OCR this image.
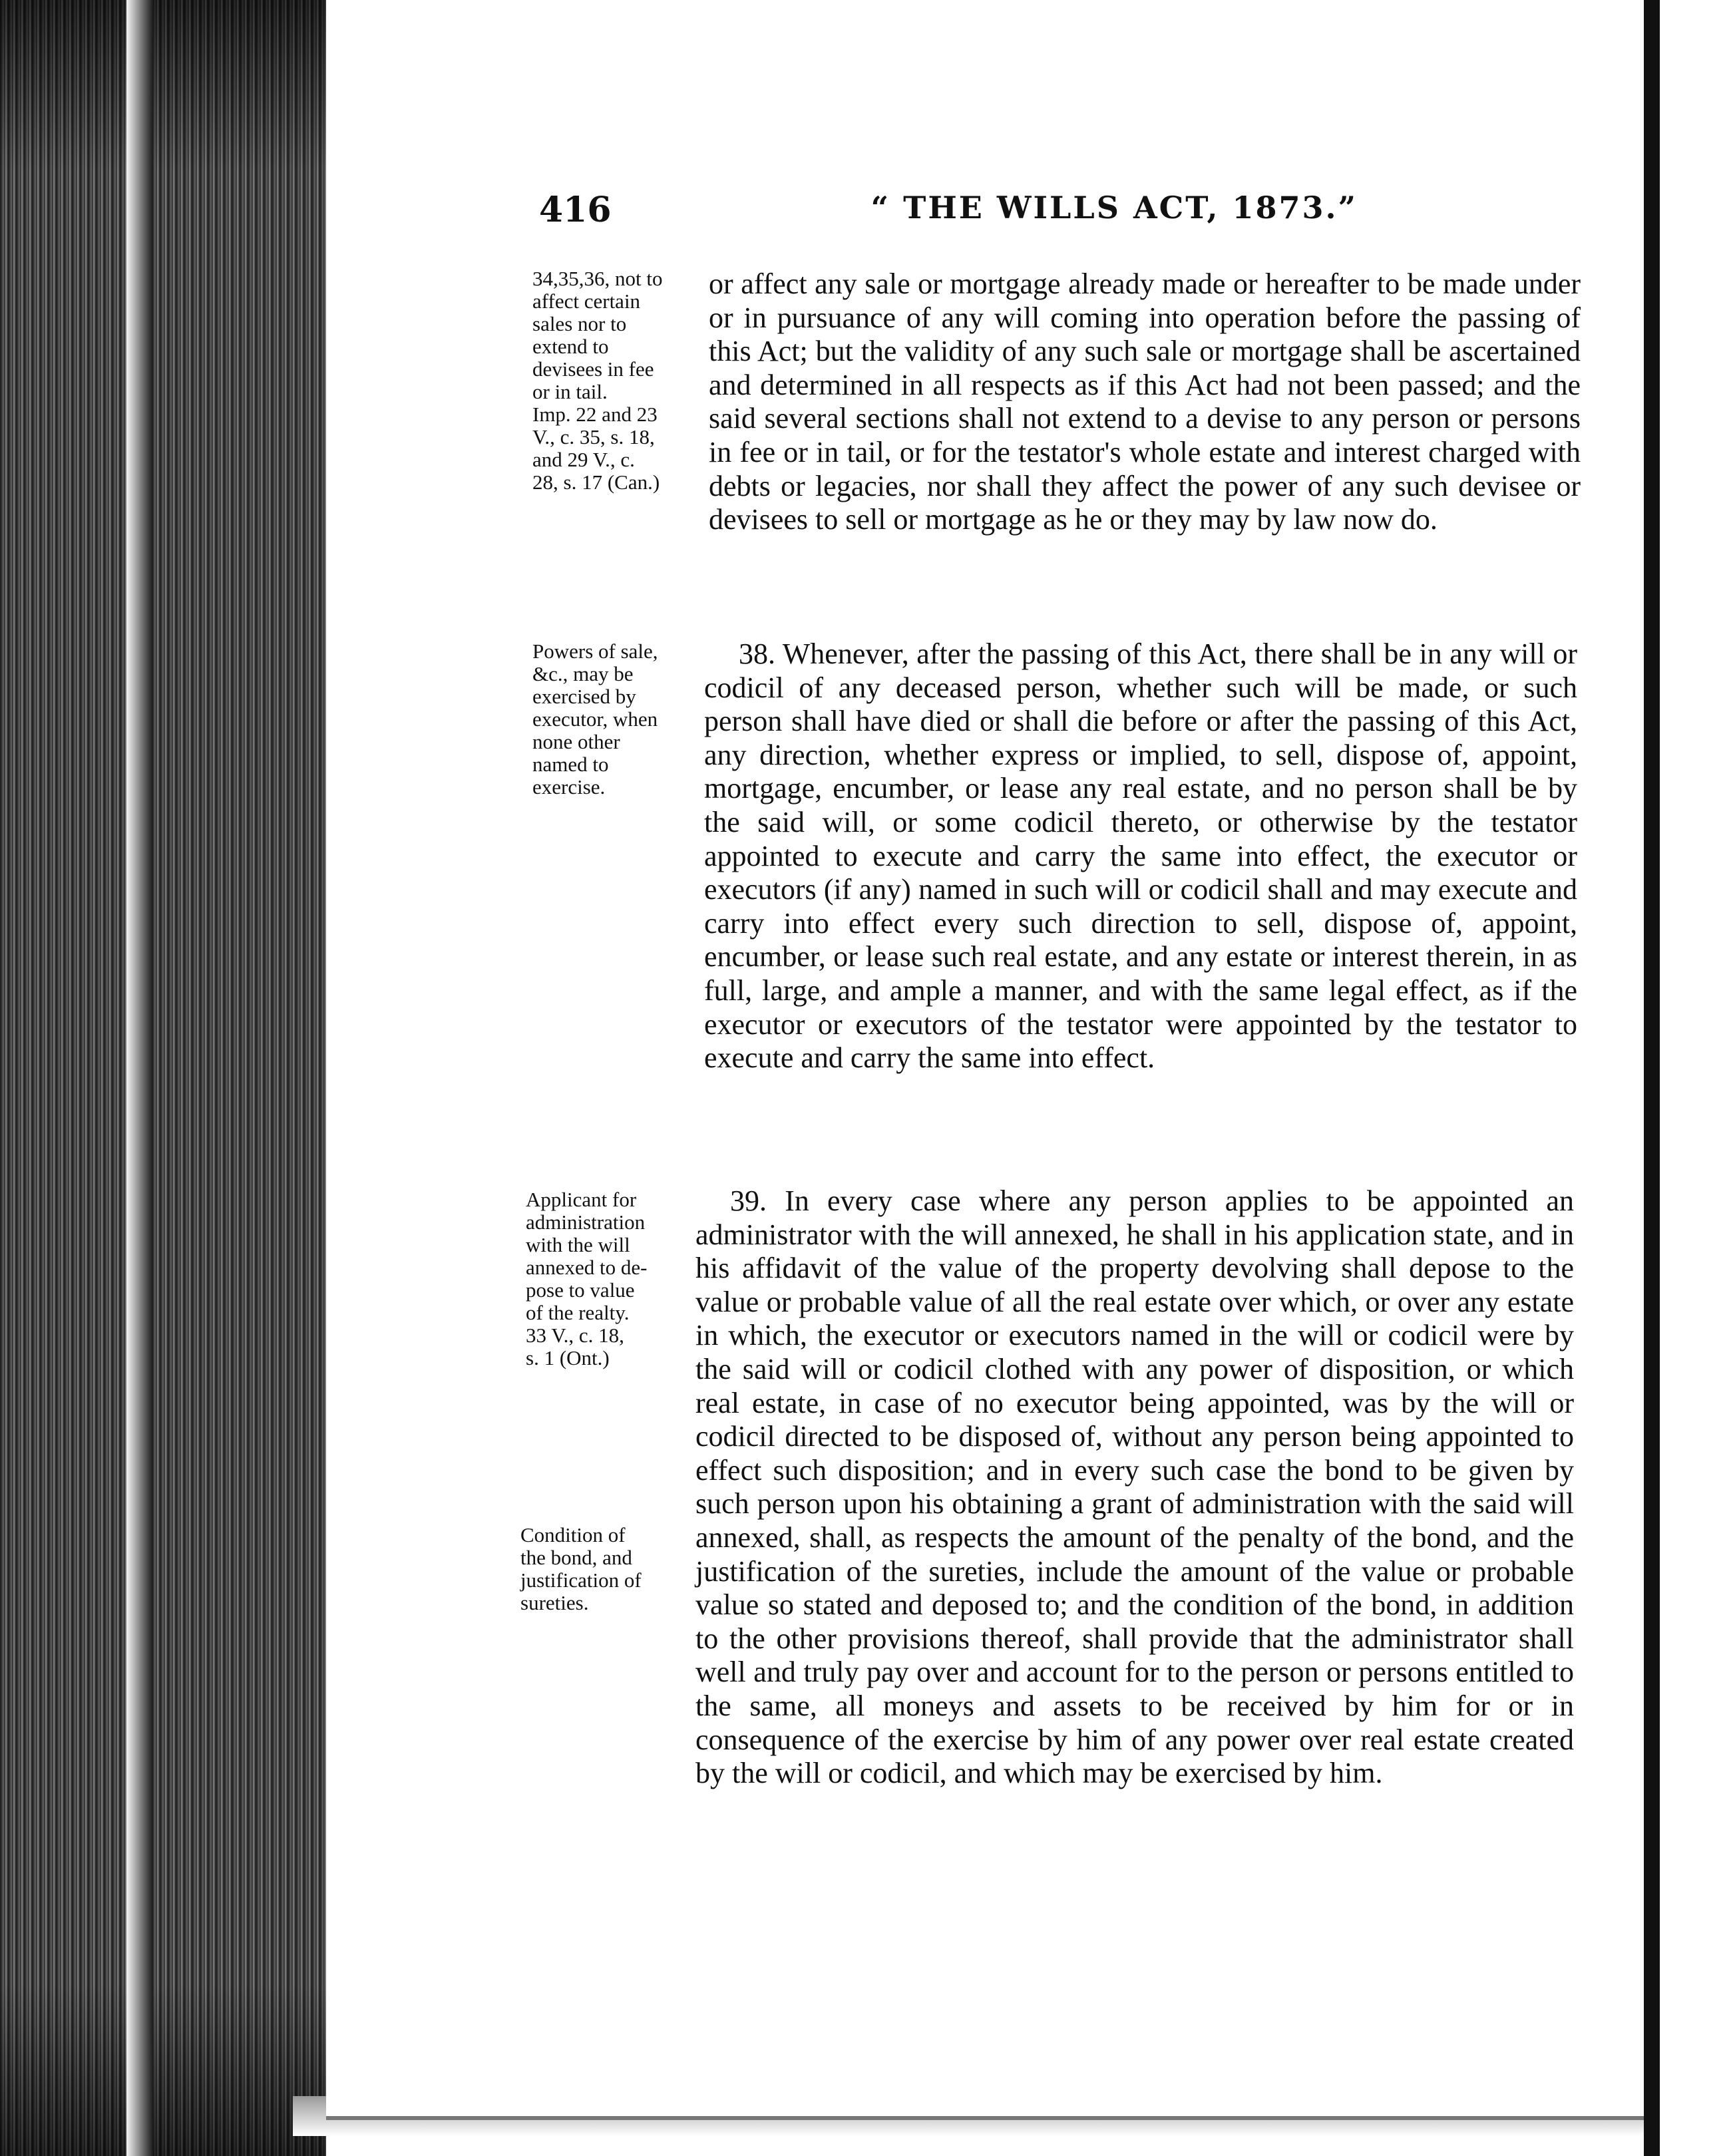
416	“ THE WILLS ACT, 1873.”
34,35,36, not to
affect certain
sales nor to
extend to
devisees in fee
or in tail.
Imp. 22 and 23
V., c. 35, s. 18,
and 29 V., c.
28, s. 17 (Can.)

or affect any sale or mortgage already made or hereafter to be made under or in pursuance of any will coming into operation before the passing of this Act; but the validity of any such sale or mortgage shall be ascertained and determined in all respects as if this Act had not been passed; and the said several sections shall not extend to a devise to any person or persons in fee or in tail, or for the testator's whole estate and interest charged with debts or legacies, nor shall they affect the power of any such devisee or devisees to sell or mortgage as he or they may by law now do.

Powers of sale,
&c., may be
exercised by
executor, when
none other
named to
exercise.

38. Whenever, after the passing of this Act, there shall be in any will or codicil of any deceased person, whether such will be made, or such person shall have died or shall die before or after the passing of this Act, any direction, whether express or implied, to sell, dispose of, appoint, mortgage, encumber, or lease any real estate, and no person shall be by the said will, or some codicil thereto, or otherwise by the testator appointed to execute and carry the same into effect, the executor or executors (if any) named in such will or codicil shall and may execute and carry into effect every such direction to sell, dispose of, appoint, encumber, or lease such real estate, and any estate or interest therein, in as full, large, and ample a manner, and with the same legal effect, as if the executor or executors of the testator were appointed by the testator to execute and carry the same into effect.

Applicant for
administration
with the will
annexed to de-
pose to value
of the realty.
33 V., c. 18,
s. 1 (Ont.)
Condition of
the bond, and
justification of
sureties.

39. In every case where any person applies to be appointed an administrator with the will annexed, he shall in his application state, and in his affidavit of the value of the property devolving shall depose to the value or probable value of all the real estate over which, or over any estate in which, the executor or executors named in the will or codicil were by the said will or codicil clothed with any power of disposition, or which real estate, in case of no executor being appointed, was by the will or codicil directed to be disposed of, without any person being appointed to effect such disposition; and in every such case the bond to be given by such person upon his obtaining a grant of administration with the said will annexed, shall, as respects the amount of the penalty of the bond, and the justification of the sureties, include the amount of the value or probable value so stated and deposed to; and the condition of the bond, in addition to the other provisions thereof, shall provide that the administrator shall well and truly pay over and account for to the person or persons entitled to the same, all moneys and assets to be received by him for or in consequence of the exercise by him of any power over real estate created by the will or codicil, and which may be exercised by him.
